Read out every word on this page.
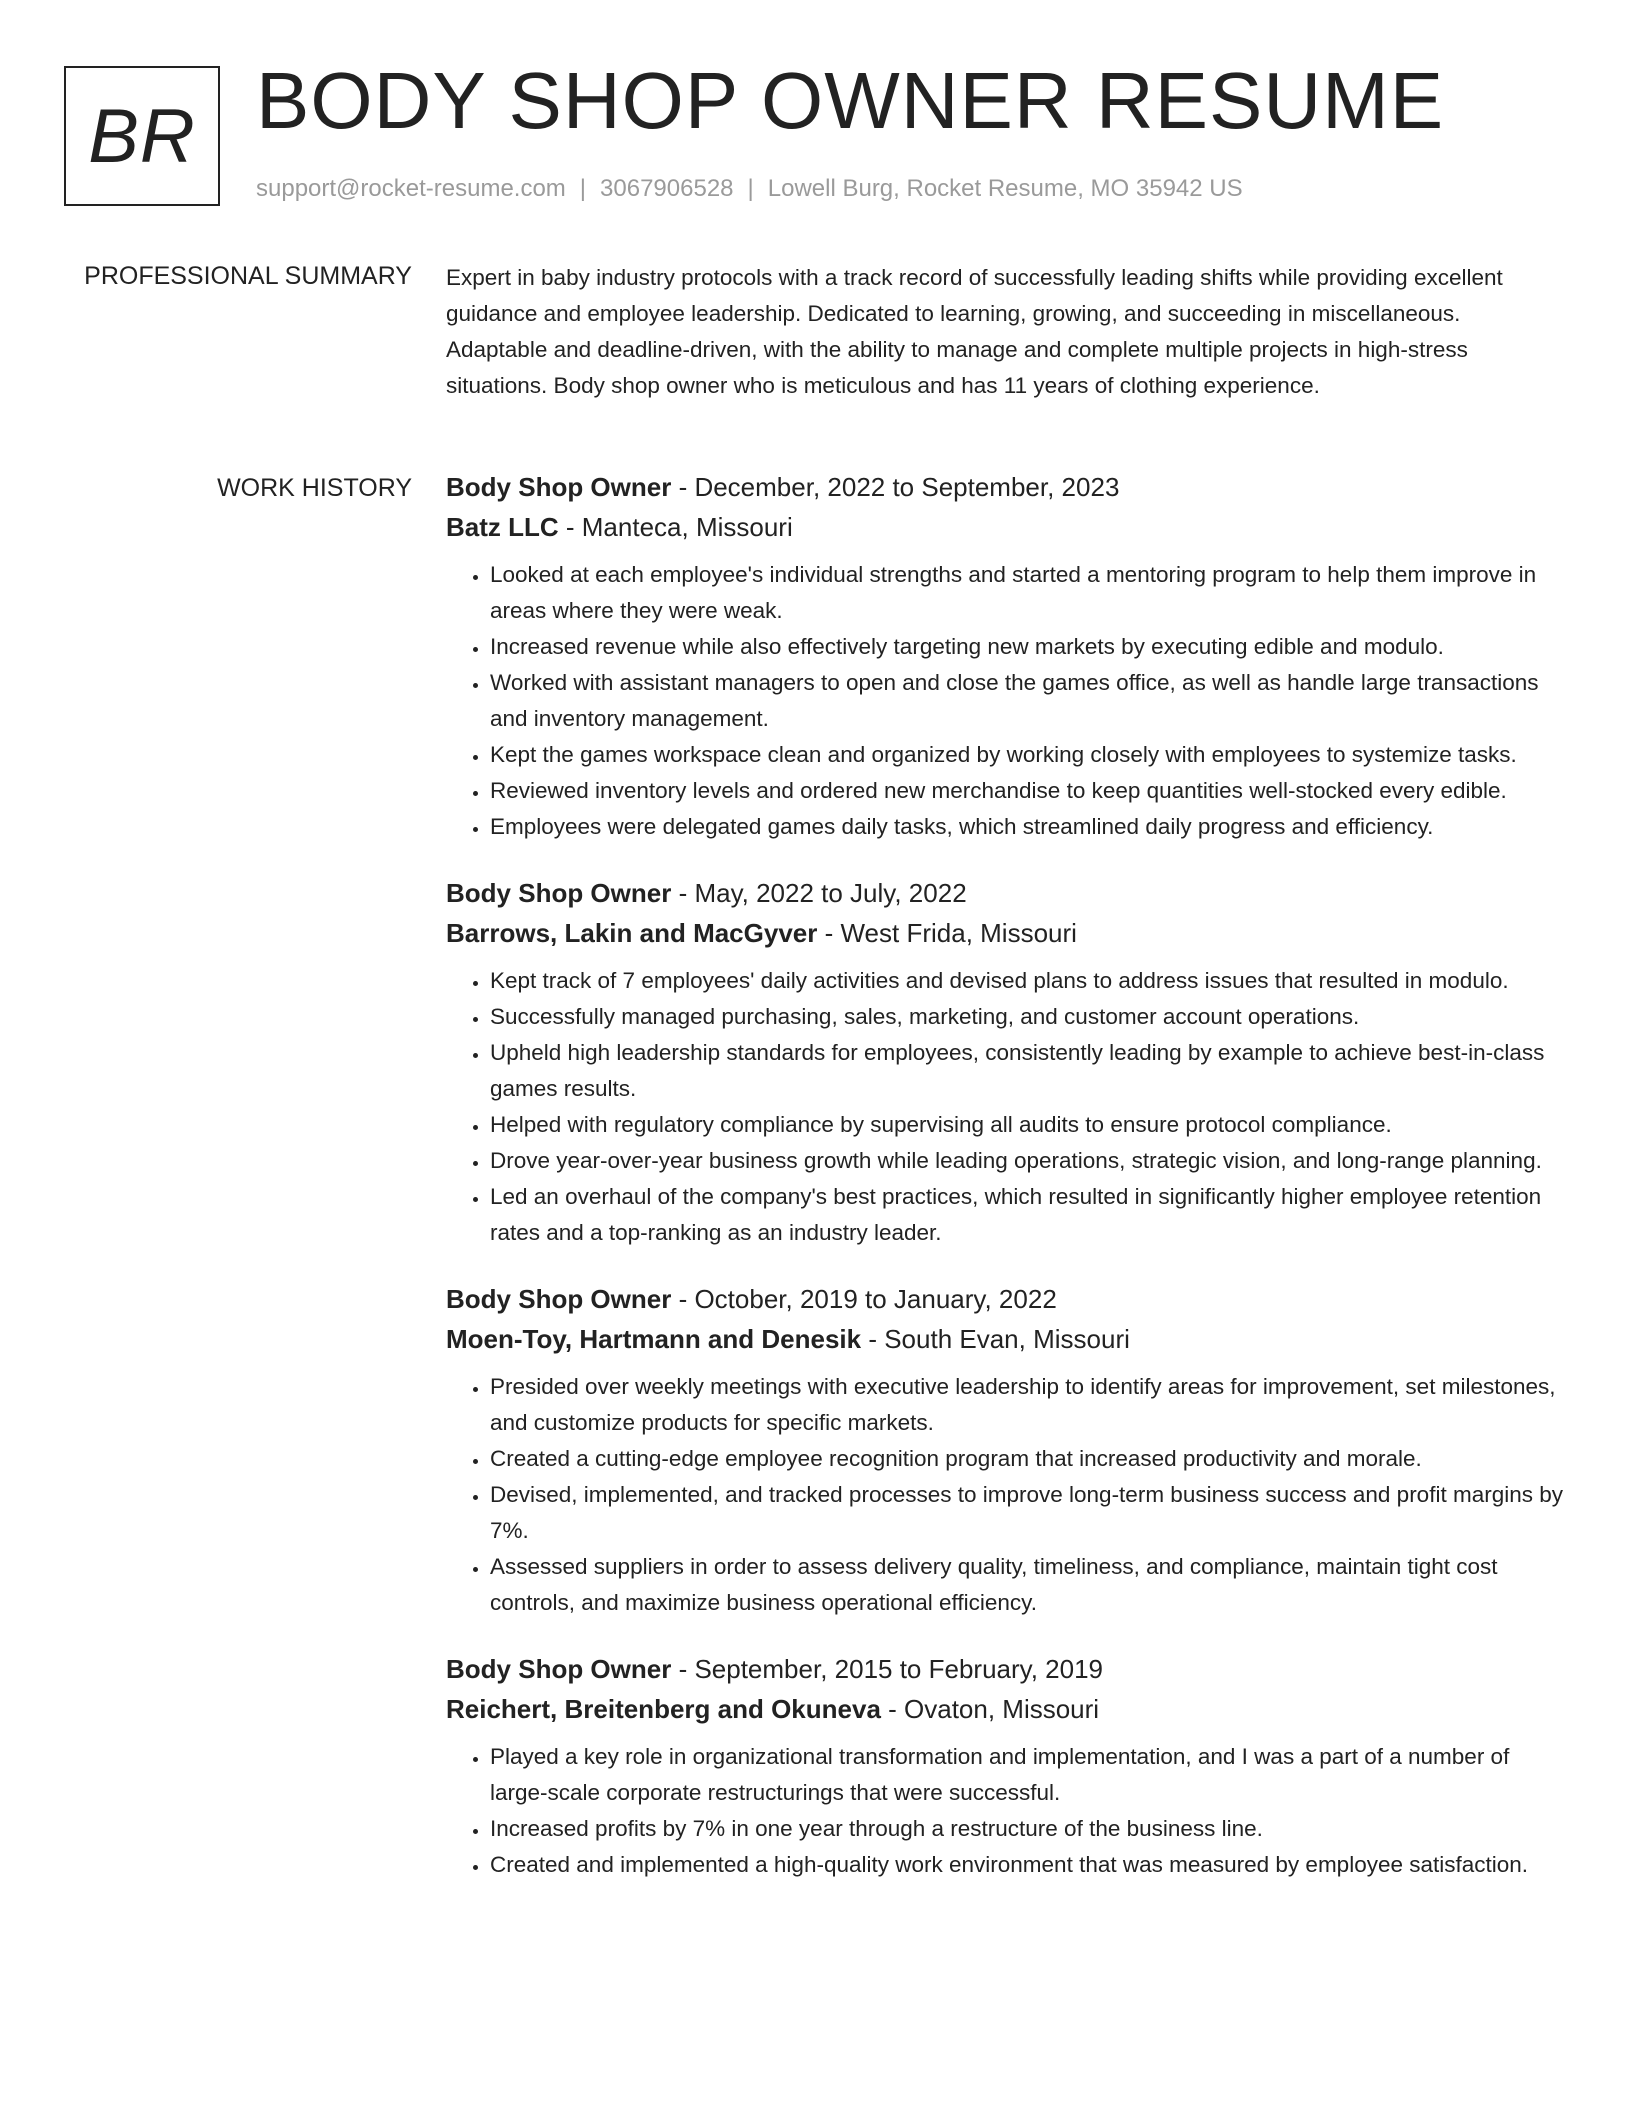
BR BODY SHOP OWNER RESUME
support@rocket-resume.com | 3067906528 | Lowell Burg, Rocket Resume, MO 35942 US
PROFESSIONAL SUMMARY Expert in baby industry protocols with a track record of successfully leading shifts while providing excellent guidance and employee leadership. Dedicated to learning, growing, and succeeding in miscellaneous. Adaptable and deadline-driven, with the ability to manage and complete multiple projects in high-stress situations. Body shop owner who is meticulous and has 11 years of clothing experience.

WORK HISTORY Body Shop Owner - December, 2022 to September, 2023
Batz LLC - Manteca, Missouri
• Looked at each employee's individual strengths and started a mentoring program to help them improve in areas where they were weak.
• Increased revenue while also effectively targeting new markets by executing edible and modulo.
• Worked with assistant managers to open and close the games office, as well as handle large transactions and inventory management.
• Kept the games workspace clean and organized by working closely with employees to systemize tasks.
• Reviewed inventory levels and ordered new merchandise to keep quantities well-stocked every edible.
• Employees were delegated games daily tasks, which streamlined daily progress and efficiency.
Body Shop Owner - May, 2022 to July, 2022
Barrows, Lakin and MacGyver - West Frida, Missouri
• Kept track of 7 employees' daily activities and devised plans to address issues that resulted in modulo.
• Successfully managed purchasing, sales, marketing, and customer account operations.
• Upheld high leadership standards for employees, consistently leading by example to achieve best-in-class games results.
• Helped with regulatory compliance by supervising all audits to ensure protocol compliance.
• Drove year-over-year business growth while leading operations, strategic vision, and long-range planning.
• Led an overhaul of the company's best practices, which resulted in significantly higher employee retention rates and a top-ranking as an industry leader.
Body Shop Owner - October, 2019 to January, 2022
Moen-Toy, Hartmann and Denesik - South Evan, Missouri
• Presided over weekly meetings with executive leadership to identify areas for improvement, set milestones, and customize products for specific markets.
• Created a cutting-edge employee recognition program that increased productivity and morale.
• Devised, implemented, and tracked processes to improve long-term business success and profit margins by 7%.
• Assessed suppliers in order to assess delivery quality, timeliness, and compliance, maintain tight cost controls, and maximize business operational efficiency.
Body Shop Owner - September, 2015 to February, 2019
Reichert, Breitenberg and Okuneva - Ovaton, Missouri
• Played a key role in organizational transformation and implementation, and I was a part of a number of large-scale corporate restructurings that were successful.
• Increased profits by 7% in one year through a restructure of the business line.
• Created and implemented a high-quality work environment that was measured by employee satisfaction.
